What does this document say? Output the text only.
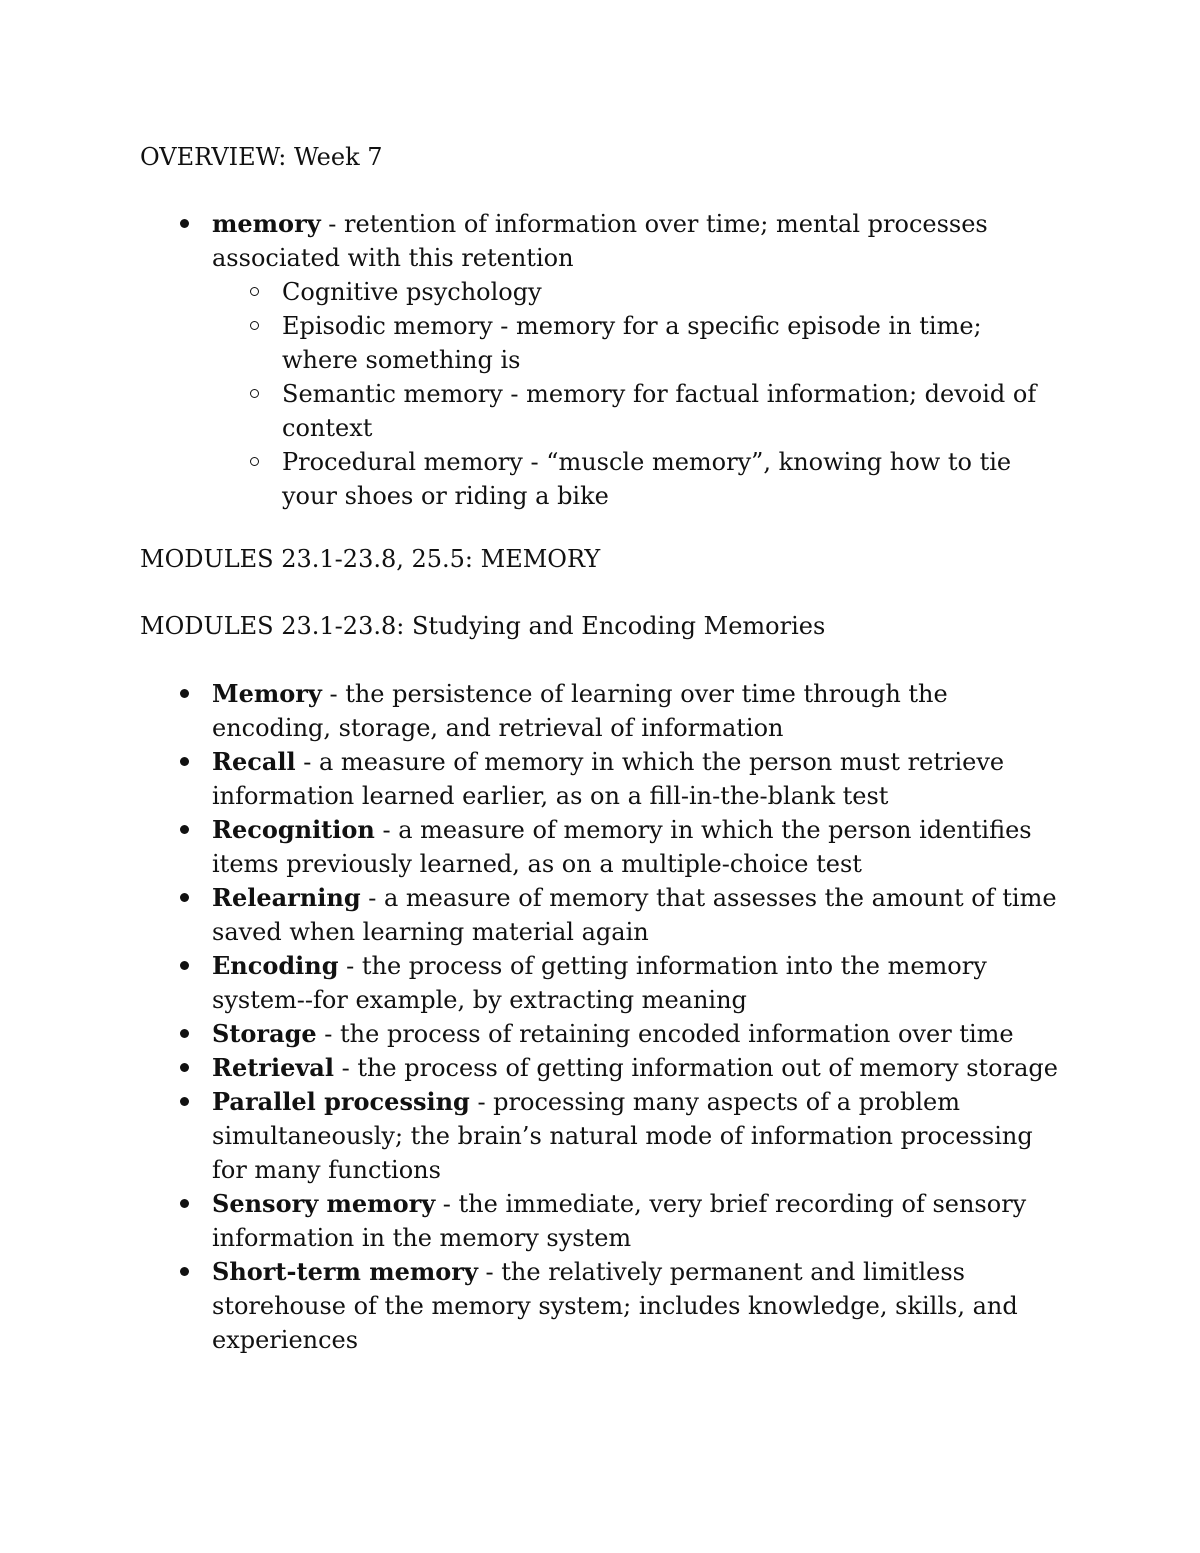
OVERVIEW: Week 7
memory - retention of information over time; mental processes associated with this retention
Cognitive psychology
Episodic memory - memory for a specific episode in time; where something is
Semantic memory - memory for factual information; devoid of context
Procedural memory - “muscle memory”, knowing how to tie your shoes or riding a bike
MODULES 23.1-23.8, 25.5: MEMORY
MODULES 23.1-23.8: Studying and Encoding Memories
Memory - the persistence of learning over time through the encoding, storage, and retrieval of information
Recall - a measure of memory in which the person must retrieve information learned earlier, as on a fill-in-the-blank test
Recognition - a measure of memory in which the person identifies items previously learned, as on a multiple-choice test
Relearning - a measure of memory that assesses the amount of time saved when learning material again
Encoding - the process of getting information into the memory system--for example, by extracting meaning
Storage - the process of retaining encoded information over time
Retrieval - the process of getting information out of memory storage
Parallel processing - processing many aspects of a problem simultaneously; the brain’s natural mode of information processing for many functions
Sensory memory - the immediate, very brief recording of sensory information in the memory system
Short-term memory - the relatively permanent and limitless storehouse of the memory system; includes knowledge, skills, and experiences
